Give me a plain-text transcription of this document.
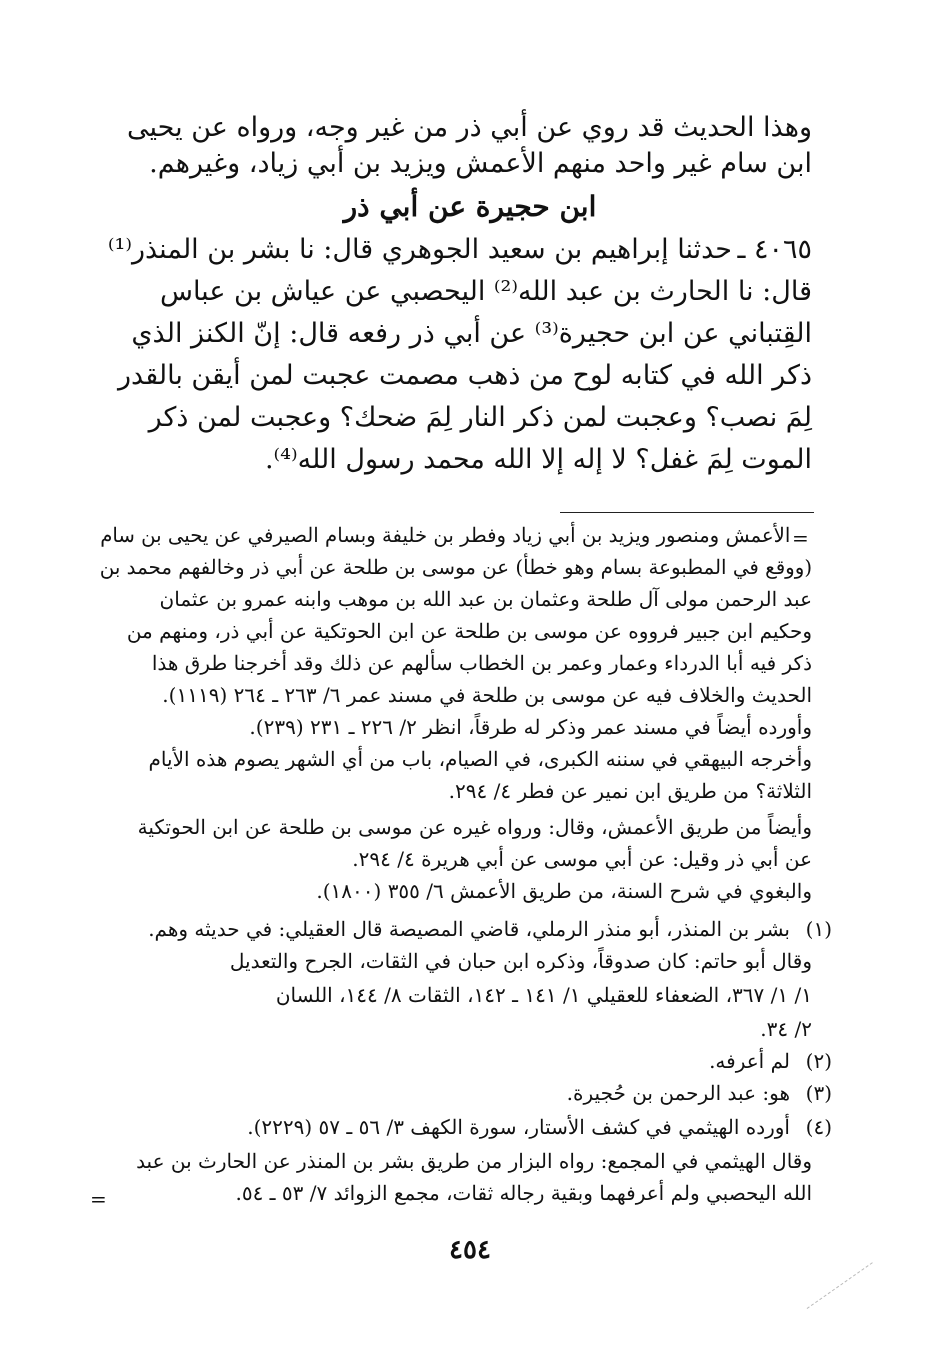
وهذا الحديث قد روي عن أبي ذر من غير وجه، ورواه عن يحيى
ابن سام غير واحد منهم الأعمش ويزيد بن أبي زياد، وغيرهم.
ابن حجيرة عن أبي ذر
٤٠٦٥ ـ
حدثنا إبراهيم بن سعيد الجوهري قال: نا بشر بن المنذر⁽¹⁾
قال: نا الحارث بن عبد الله⁽²⁾ اليحصبي عن عياش بن عباس
القِتباني عن ابن حجيرة⁽³⁾ عن أبي ذر رفعه قال: إنّ الكنز الذي
ذكر الله في كتابه لوح من ذهب مصمت عجبت لمن أيقن بالقدر
لِمَ نصب؟ وعجبت لمن ذكر النار لِمَ ضحك؟ وعجبت لمن ذكر
الموت لِمَ غفل؟ لا إله إلا الله محمد رسول الله⁽⁴⁾.
=
الأعمش ومنصور ويزيد بن أبي زياد وفطر بن خليفة وبسام الصيرفي عن يحيى بن سام
(ووقع في المطبوعة بسام وهو خطأ) عن موسى بن طلحة عن أبي ذر وخالفهم محمد بن
عبد الرحمن مولى آل طلحة وعثمان بن عبد الله بن موهب وابنه عمرو بن عثمان
وحكيم ابن جبير فرووه عن موسى بن طلحة عن ابن الحوتكية عن أبي ذر، ومنهم من
ذكر فيه أبا الدرداء وعمار وعمر بن الخطاب سألهم عن ذلك وقد أخرجنا طرق هذا
الحديث والخلاف فيه عن موسى بن طلحة في مسند عمر ٦/ ٢٦٣ ـ ٢٦٤ (١١١٩).
وأورده أيضاً في مسند عمر وذكر له طرقاً، انظر ٢/ ٢٢٦ ـ ٢٣١ (٢٣٩).
وأخرجه البيهقي في سننه الكبرى، في الصيام، باب من أي الشهر يصوم هذه الأيام
الثلاثة؟ من طريق ابن نمير عن فطر ٤/ ٢٩٤.
وأيضاً من طريق الأعمش، وقال: ورواه غيره عن موسى بن طلحة عن ابن الحوتكية
عن أبي ذر وقيل: عن أبي موسى عن أبي هريرة ٤/ ٢٩٤.
والبغوي في شرح السنة، من طريق الأعمش ٦/ ٣٥٥ (١٨٠٠).
(١)
بشر بن المنذر، أبو منذر الرملي، قاضي المصيصة قال العقيلي: في حديثه وهم.
وقال أبو حاتم: كان صدوقاً، وذكره ابن حبان في الثقات، الجرح والتعديل
١/ ١/ ٣٦٧، الضعفاء للعقيلي ١/ ١٤١ ـ ١٤٢، الثقات ٨/ ١٤٤، اللسان
٢/ ٣٤.
(٢)
لم أعرفه.
(٣)
هو: عبد الرحمن بن حُجيرة.
(٤)
أورده الهيثمي في كشف الأستار، سورة الكهف ٣/ ٥٦ ـ ٥٧ (٢٢٢٩).
وقال الهيثمي في المجمع: رواه البزار من طريق بشر بن المنذر عن الحارث بن عبد
الله اليحصبي ولم أعرفهما وبقية رجاله ثقات، مجمع الزوائد ٧/ ٥٣ ـ ٥٤.
=
٤٥٤
